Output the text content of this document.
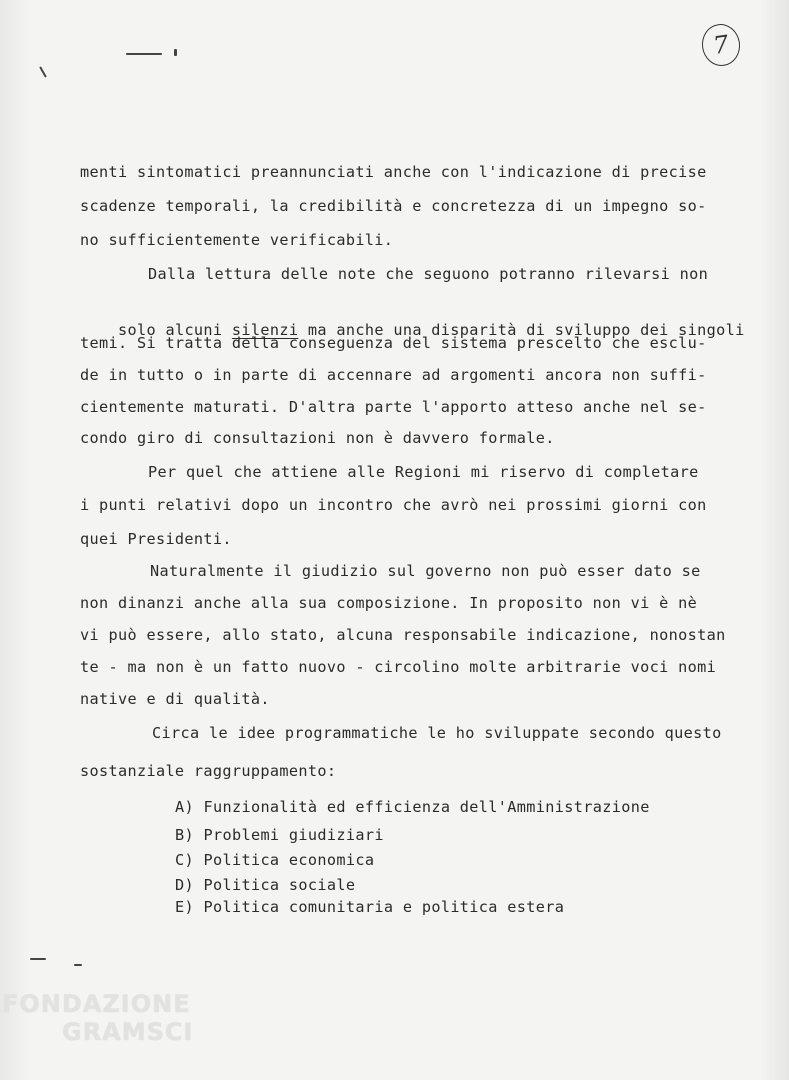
7
menti sintomatici preannunciati anche con l'indicazione di precise
scadenze temporali, la credibilità e concretezza di un impegno so-
no sufficientemente verificabili.
Dalla lettura delle note che seguono potranno rilevarsi non

solo alcuni silenzi ma anche una disparità di sviluppo dei singoli

temi. Si tratta della conseguenza del sistema prescelto che esclu-
de in tutto o in parte di accennare ad argomenti ancora non suffi-
cientemente maturati. D'altra parte l'apporto atteso anche nel se-
condo giro di consultazioni non è davvero formale.
Per quel che attiene alle Regioni mi riservo di completare
i punti relativi dopo un incontro che avrò nei prossimi giorni con
quei Presidenti.
Naturalmente il giudizio sul governo non può esser dato se
non dinanzi anche alla sua composizione. In proposito non vi è nè
vi può essere, allo stato, alcuna responsabile indicazione, nonostan
te - ma non è un fatto nuovo - circolino molte arbitrarie voci nomi
native e di qualità.
Circa le idee programmatiche le ho sviluppate secondo questo
sostanziale raggruppamento:
A) Funzionalità ed efficienza dell'Amministrazione
B) Problemi giudiziari
C) Politica economica
D) Politica sociale
E) Politica comunitaria e politica estera
FONDAZIONE
GRAMSCI
